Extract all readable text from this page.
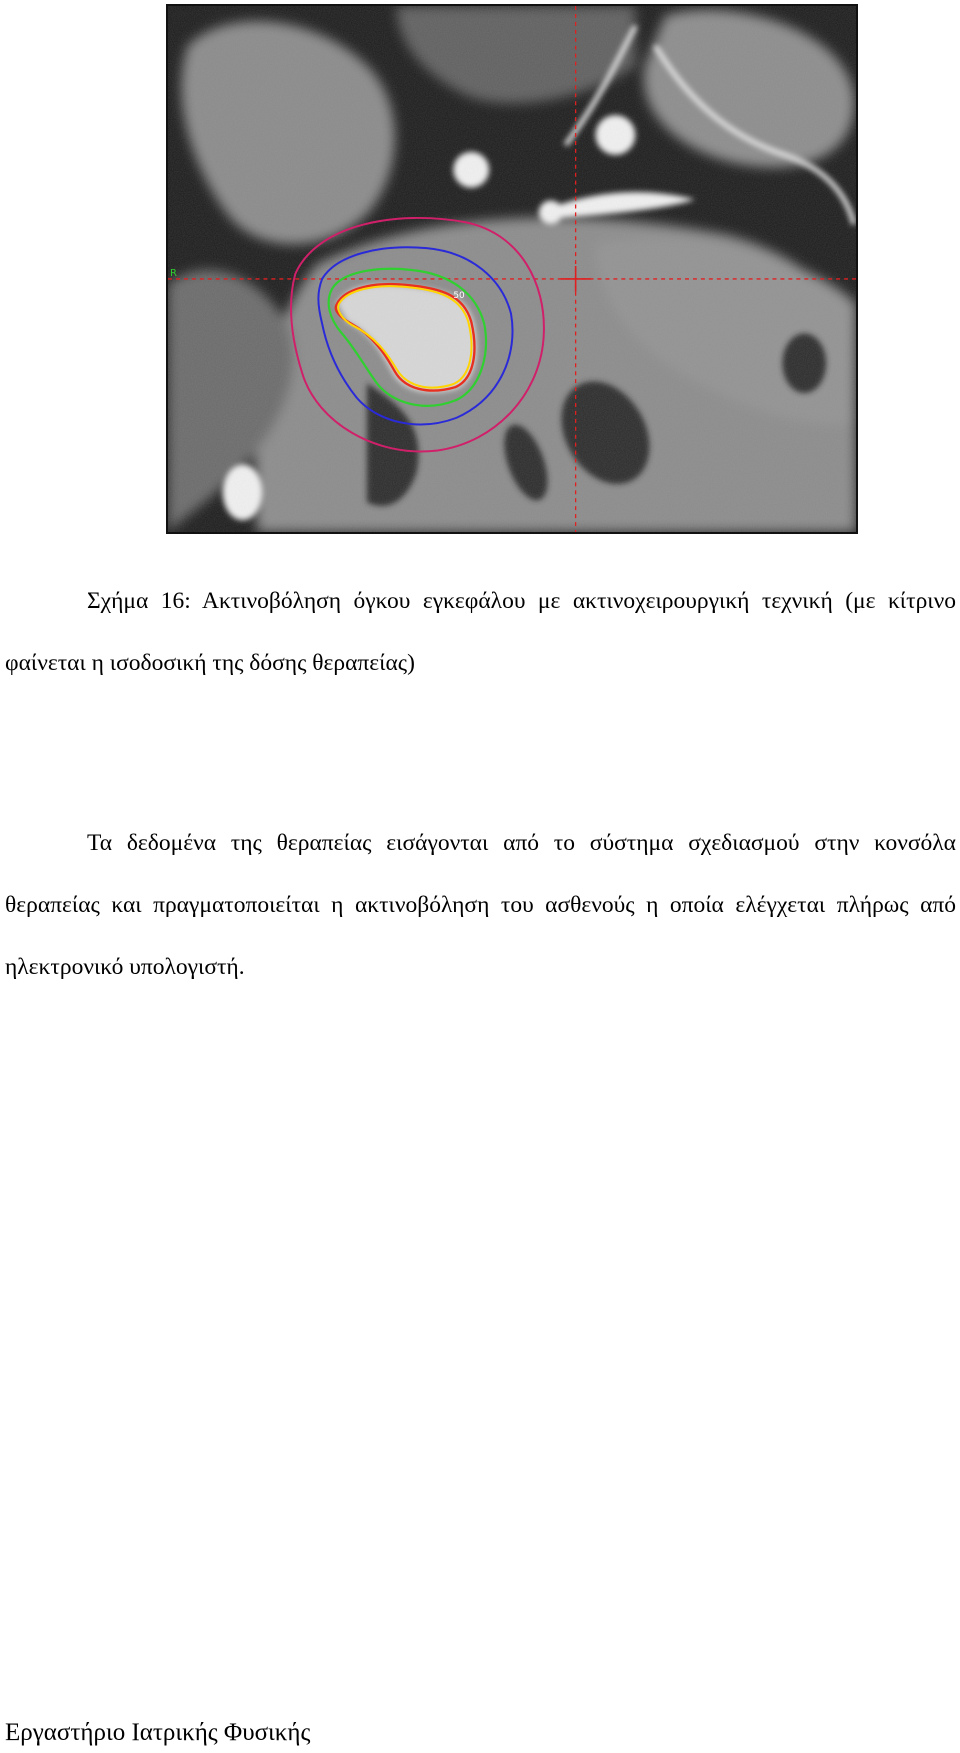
R
50

Σχήμα 16: Ακτινοβόληση όγκου εγκεφάλου με ακτινοχειρουργική τεχνική (με κίτρινο φαίνεται η ισοδοσική της δόσης θεραπείας)

Τα δεδομένα της θεραπείας εισάγονται από το σύστημα σχεδιασμού στην κονσόλα θεραπείας και πραγματοποιείται η ακτινοβόληση του ασθενούς η οποία ελέγχεται πλήρως από ηλεκτρονικό υπολογιστή.

Εργαστήριο Ιατρικής Φυσικής
